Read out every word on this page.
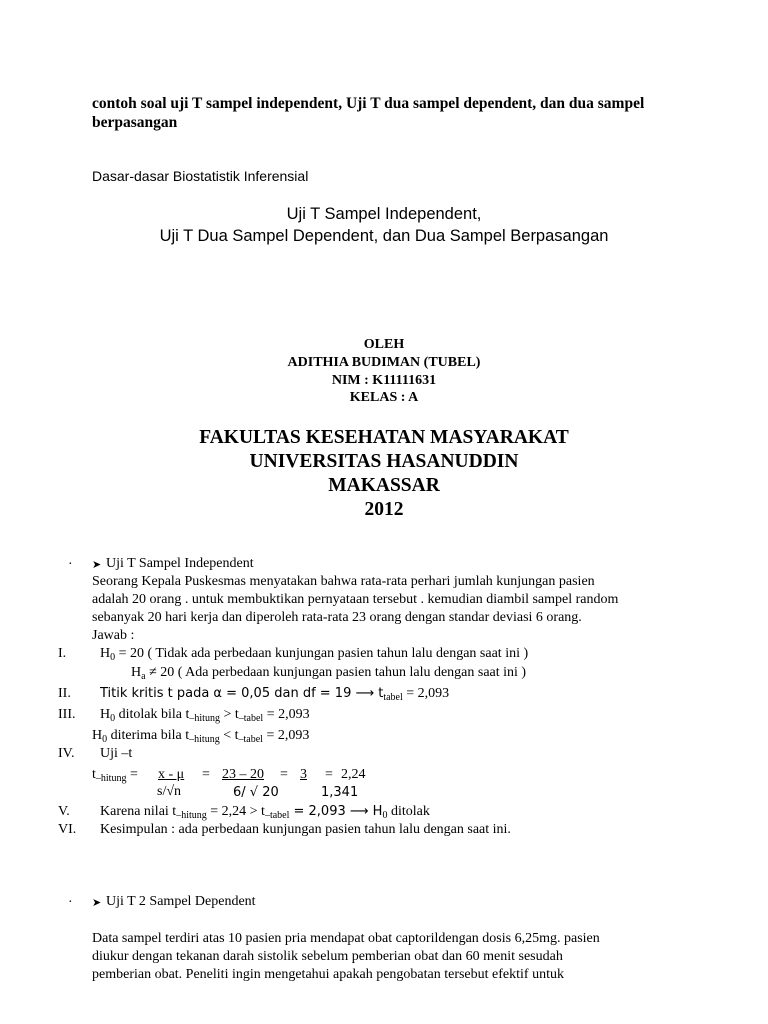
contoh soal uji T sampel independent, Uji T dua sampel dependent, dan dua sampel berpasangan
Dasar-dasar Biostatistik Inferensial
Uji T Sampel Independent,
Uji T Dua Sampel Dependent, dan Dua Sampel Berpasangan
OLEH
ADITHIA BUDIMAN (TUBEL)
NIM : K11111631
KELAS : A
FAKULTAS KESEHATAN MASYARAKAT
UNIVERSITAS HASANUDDIN
MAKASSAR
2012
· ➤ Uji T Sampel Independent
Seorang Kepala Puskesmas menyatakan bahwa rata-rata perhari jumlah kunjungan pasien
adalah 20 orang . untuk membuktikan pernyataan tersebut . kemudian diambil sampel random
sebanyak 20 hari kerja dan diperoleh rata-rata 23 orang dengan standar deviasi 6 orang.
Jawab :
I. $H_0 = 20$ ( Tidak ada perbedaan kunjungan pasien tahun lalu dengan saat ini )
$H_a \ne 20$ ( Ada perbedaan kunjungan pasien tahun lalu dengan saat ini )
II. Titik kritis t pada α = 0,05 dan df = 19 ⟶ $t_{tabel} = 2,093$
III. $H_0$ ditolak bila $t_{-hitung} > t_{-tabel} = 2,093$
$H_0$ diterima bila $t_{-hitung} < t_{-tabel} = 2,093$
IV. Uji –t
$t_{-hitung} = x - \mu$
s/√n
= 23 – 20
6/ √ 20
= 3
1,341
= 2,24
V. Karena nilai $t_{-hitung} = 2,24 > t_{-tabel} = 2,093$ ⟶ $H_0$ ditolak
VI. Kesimpulan : ada perbedaan kunjungan pasien tahun lalu dengan saat ini.
· ➤ Uji T 2 Sampel Dependent
Data sampel terdiri atas 10 pasien pria mendapat obat captorildengan dosis 6,25mg. pasien
diukur dengan tekanan darah sistolik sebelum pemberian obat dan 60 menit sesudah
pemberian obat. Peneliti ingin mengetahui apakah pengobatan tersebut efektif untuk
